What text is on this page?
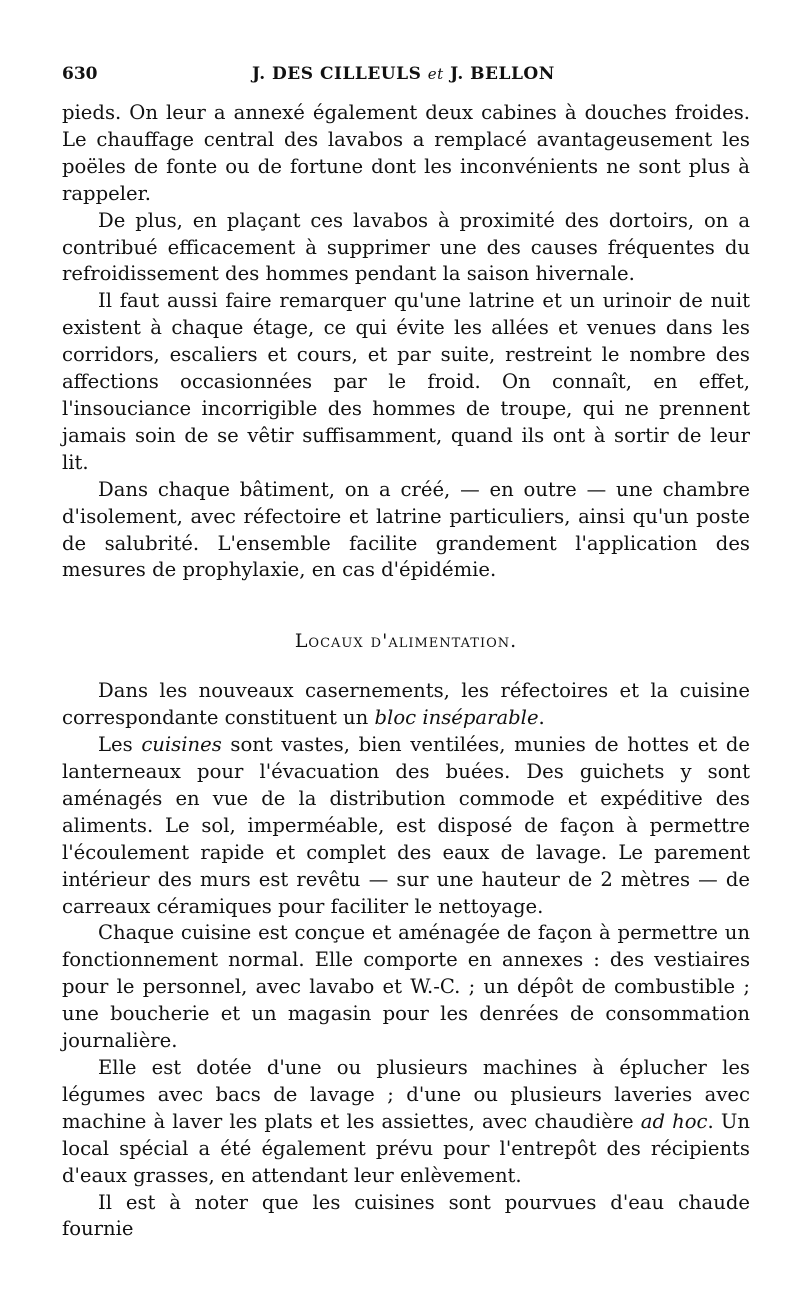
630	J. DES CILLEULS et J. BELLON

pieds. On leur a annexé également deux cabines à douches froides. Le chauffage central des lavabos a remplacé avantageusement les poëles de fonte ou de fortune dont les inconvénients ne sont plus à rappeler.

De plus, en plaçant ces lavabos à proximité des dortoirs, on a contribué efficacement à supprimer une des causes fréquentes du refroidissement des hommes pendant la saison hivernale.

Il faut aussi faire remarquer qu'une latrine et un urinoir de nuit existent à chaque étage, ce qui évite les allées et venues dans les corridors, escaliers et cours, et par suite, restreint le nombre des affections occasionnées par le froid. On connaît, en effet, l'insouciance incorrigible des hommes de troupe, qui ne prennent jamais soin de se vêtir suffisamment, quand ils ont à sortir de leur lit.

Dans chaque bâtiment, on a créé, — en outre — une chambre d'isolement, avec réfectoire et latrine particuliers, ainsi qu'un poste de salubrité. L'ensemble facilite grandement l'application des mesures de prophylaxie, en cas d'épidémie.

Locaux d'alimentation.

Dans les nouveaux casernements, les réfectoires et la cuisine correspondante constituent un bloc inséparable.

Les cuisines sont vastes, bien ventilées, munies de hottes et de lanterneaux pour l'évacuation des buées. Des guichets y sont aménagés en vue de la distribution commode et expéditive des aliments. Le sol, imperméable, est disposé de façon à permettre l'écoulement rapide et complet des eaux de lavage. Le parement intérieur des murs est revêtu — sur une hauteur de 2 mètres — de carreaux céramiques pour faciliter le nettoyage.

Chaque cuisine est conçue et aménagée de façon à permettre un fonctionnement normal. Elle comporte en annexes : des vestiaires pour le personnel, avec lavabo et W.-C. ; un dépôt de combustible ; une boucherie et un magasin pour les denrées de consommation journalière.

Elle est dotée d'une ou plusieurs machines à éplucher les légumes avec bacs de lavage ; d'une ou plusieurs laveries avec machine à laver les plats et les assiettes, avec chaudière ad hoc. Un local spécial a été également prévu pour l'entrepôt des récipients d'eaux grasses, en attendant leur enlèvement.

Il est à noter que les cuisines sont pourvues d'eau chaude fournie
